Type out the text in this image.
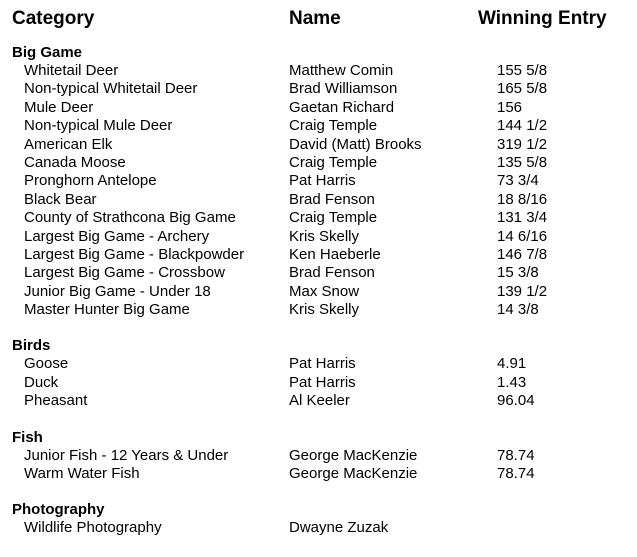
Category	Name	Winning Entry
Big Game
Whitetail Deer	Matthew Comin	155 5/8
Non-typical Whitetail Deer	Brad Williamson	165 5/8
Mule Deer	Gaetan Richard	156
Non-typical Mule Deer	Craig Temple	144 1/2
American Elk	David (Matt) Brooks	319 1/2
Canada Moose	Craig Temple	135 5/8
Pronghorn Antelope	Pat Harris	73 3/4
Black Bear	Brad Fenson	18 8/16
County of Strathcona Big Game	Craig Temple	131 3/4
Largest Big Game - Archery	Kris Skelly	14 6/16
Largest Big Game - Blackpowder	Ken Haeberle	146 7/8
Largest Big Game - Crossbow	Brad Fenson	15 3/8
Junior Big Game - Under 18	Max Snow	139 1/2
Master Hunter Big Game	Kris Skelly	14 3/8
Birds
Goose	Pat Harris	4.91
Duck	Pat Harris	1.43
Pheasant	Al Keeler	96.04
Fish
Junior Fish - 12 Years & Under	George MacKenzie	78.74
Warm Water Fish	George MacKenzie	78.74
Photography
Wildlife Photography	Dwayne Zuzak
